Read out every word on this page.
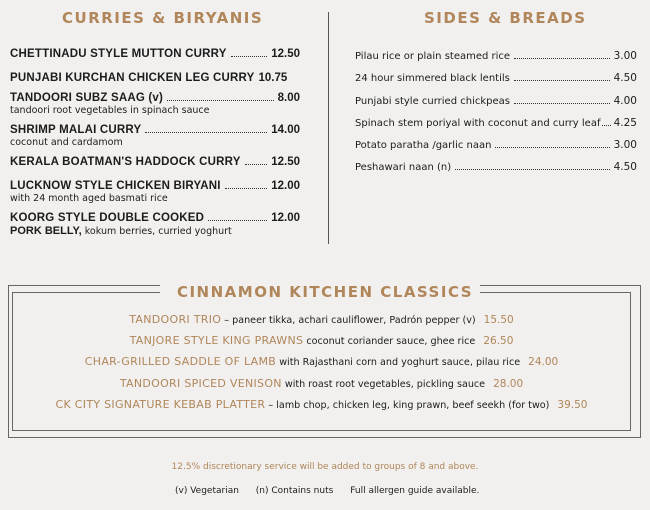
CURRIES & BIRYANIS	SIDES & BREADS
CHETTINADU STYLE MUTTON CURRY	12.50
PUNJABI KURCHAN CHICKEN LEG CURRY 10.75
TANDOORI SUBZ SAAG (v)	8.00
tandoori root vegetables in spinach sauce
SHRIMP MALAI CURRY	14.00
coconut and cardamom
KERALA BOATMAN'S HADDOCK CURRY	12.50
LUCKNOW STYLE CHICKEN BIRYANI	12.00
with 24 month aged basmati rice
KOORG STYLE DOUBLE COOKED	12.00
PORK BELLY, kokum berries, curried yoghurt
Pilau rice or plain steamed rice	3.00
24 hour simmered black lentils	4.50
Punjabi style curried chickpeas	4.00
Spinach stem poriyal with coconut and curry leaf 4.25
Potato paratha /garlic naan	3.00
Peshawari naan (n)	4.50
CINNAMON KITCHEN CLASSICS
TANDOORI TRIO – paneer tikka, achari cauliflower, Padrón pepper (v) 15.50
TANJORE STYLE KING PRAWNS coconut coriander sauce, ghee rice 26.50
CHAR-GRILLED SADDLE OF LAMB with Rajasthani corn and yoghurt sauce, pilau rice 24.00
TANDOORI SPICED VENISON with roast root vegetables, pickling sauce 28.00
CK CITY SIGNATURE KEBAB PLATTER – lamb chop, chicken leg, king prawn, beef seekh (for two) 39.50
12.5% discretionary service will be added to groups of 8 and above.
(v) Vegetarian (n) Contains nuts Full allergen guide available.
